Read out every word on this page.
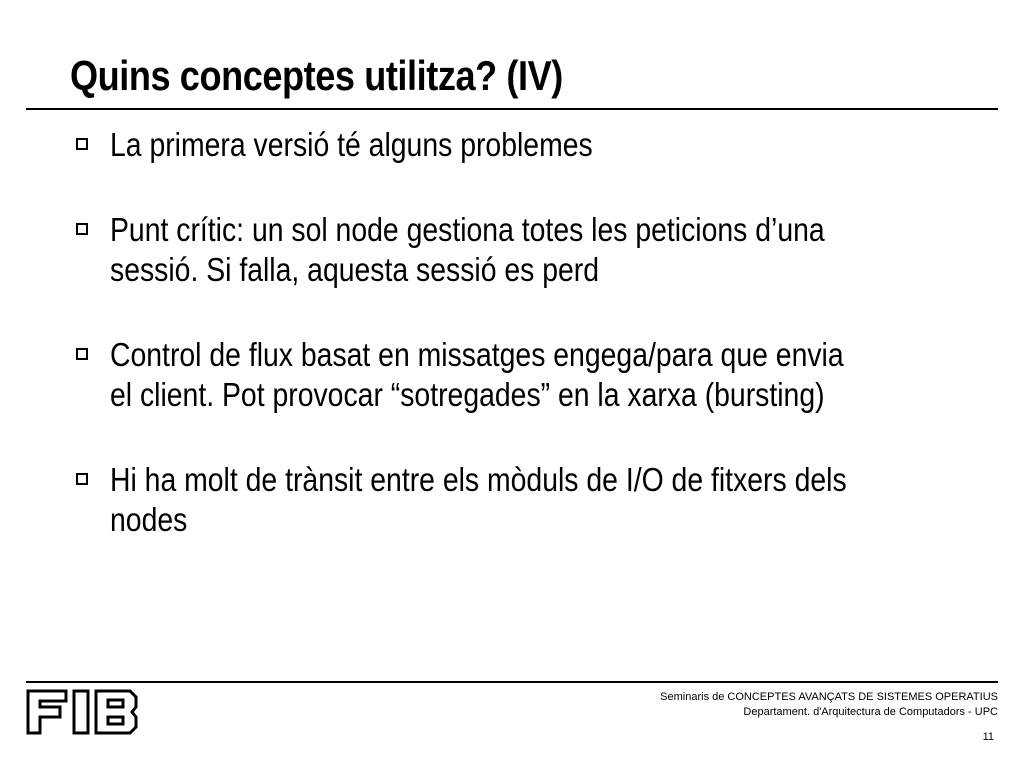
Quins conceptes utilitza? (IV)
La primera versió té alguns problemes
Punt crític: un sol node gestiona totes les peticions d’una
sessió. Si falla, aquesta sessió es perd
Control de flux basat en missatges engega/para que envia
el client. Pot provocar “sotregades” en la xarxa (bursting)
Hi ha molt de trànsit entre els mòduls de I/O de fitxers dels
nodes
Seminaris de CONCEPTES AVANÇATS DE SISTEMES OPERATIUS
Departament. d'Arquitectura de Computadors - UPC
11
